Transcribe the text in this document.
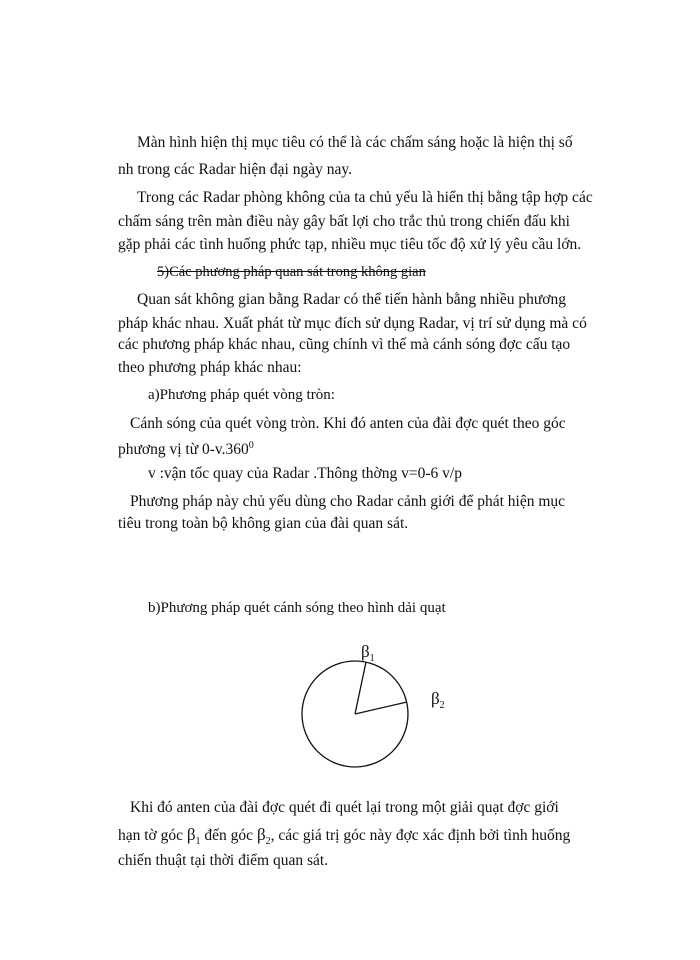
Màn hình hiện thị mục tiêu có thể là các chấm sáng hoặc là hiện thị số
nh trong các Radar hiện đại ngày nay.
Trong các Radar phòng không của ta chủ yếu là hiển thị bằng tập hợp các
chấm sáng trên màn điều này gây bất lợi cho trắc thủ trong chiến đấu khi
gặp phải các tình huống phức tạp, nhiều mục tiêu tốc độ xử lý yêu cầu lớn.
5)Các phương pháp quan sát trong không gian
Quan sát không gian bằng Radar có thể tiến hành bằng nhiều phương
pháp khác nhau. Xuất phát từ mục đích sử dụng Radar, vị trí sử dụng mà có
các phương pháp khác nhau, cũng chính vì thế mà cánh sóng đợc cấu tạo
theo phương pháp khác nhau:
a)Phương pháp quét vòng tròn:
Cánh sóng của quét vòng tròn. Khi đó anten của đài đợc quét theo góc
phương vị từ 0-v.360$^0$
v :vận tốc quay của Radar .Thông thờng v=0-6 v/p
Phương pháp này chủ yếu dùng cho Radar cảnh giới để phát hiện mục
tiêu trong toàn bộ không gian của đài quan sát.
b)Phương pháp quét cánh sóng theo hình dải quạt
$\beta_1$
$\beta_2$
Khi đó anten của đài đợc quét đi quét lại trong một giải quạt đợc giới
hạn tờ góc $\beta_1$ đến góc $\beta_2$, các giá trị góc này đợc xác định bởi tình huống
chiến thuật tại thời điểm quan sát.
